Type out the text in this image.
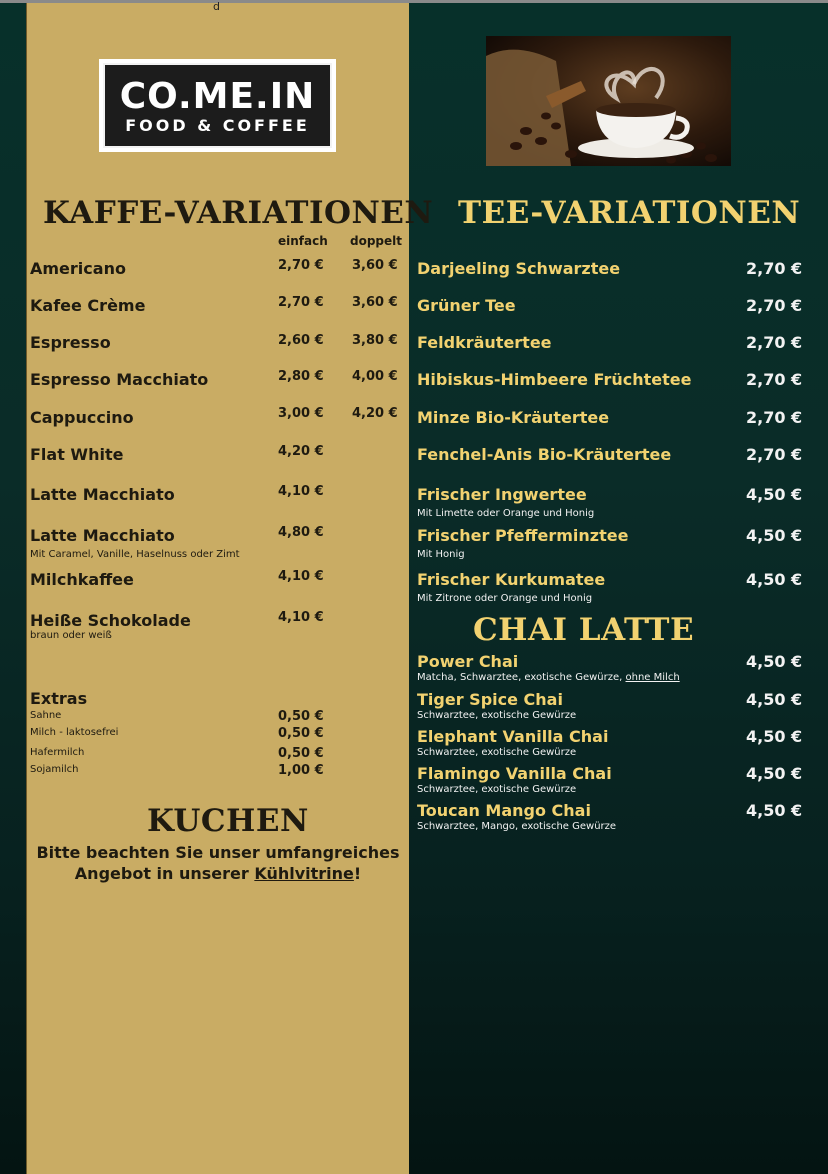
d
CO.ME.IN
FOOD & COFFEE
KAFFE-VARIATIONEN
einfach doppelt
Americano	2,70 € 3,60 €
Kafee Crème	2,70 € 3,60 €
Espresso	2,60 € 3,80 €
Espresso Macchiato	2,80 € 4,00 €
Cappuccino	3,00 € 4,20 €
Flat White	4,20 €
Latte Macchiato	4,10 €
Latte Macchiato	4,80 €
Mit Caramel, Vanille, Haselnuss oder Zimt
Milchkaffee	4,10 €
Heiße Schokolade	4,10 €
braun oder weiß
Extras
Sahne	0,50 €
Milch - laktosefrei	0,50 €
Hafermilch	0,50 €
Sojamilch	1,00 €
KUCHEN
Bitte beachten Sie unser umfangreiches
Angebot in unserer Kühlvitrine!
TEE-VARIATIONEN
Darjeeling Schwarztee	2,70 €
Grüner Tee	2,70 €
Feldkräutertee	2,70 €
Hibiskus-Himbeere Früchtetee	2,70 €
Minze Bio-Kräutertee	2,70 €
Fenchel-Anis Bio-Kräutertee	2,70 €
Frischer Ingwertee	4,50 €
Mit Limette oder Orange und Honig
Frischer Pfefferminztee	4,50 €
Mit Honig
Frischer Kurkumatee	4,50 €
Mit Zitrone oder Orange und Honig
CHAI LATTE
Power Chai	4,50 €
Matcha, Schwarztee, exotische Gewürze, ohne Milch
Tiger Spice Chai	4,50 €
Schwarztee, exotische Gewürze
Elephant Vanilla Chai	4,50 €
Schwarztee, exotische Gewürze
Flamingo Vanilla Chai	4,50 €
Schwarztee, exotische Gewürze
Toucan Mango Chai	4,50 €
Schwarztee, Mango, exotische Gewürze
